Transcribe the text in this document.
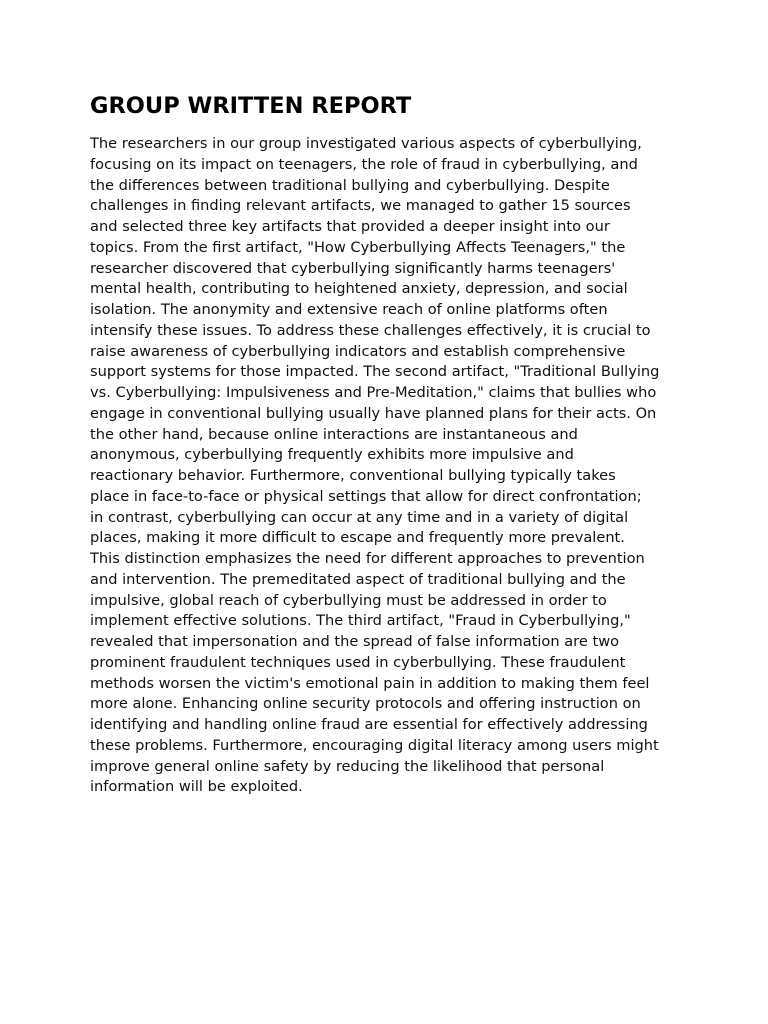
GROUP WRITTEN REPORT

The researchers in our group investigated various aspects of cyberbullying,
focusing on its impact on teenagers, the role of fraud in cyberbullying, and
the differences between traditional bullying and cyberbullying. Despite
challenges in finding relevant artifacts, we managed to gather 15 sources
and selected three key artifacts that provided a deeper insight into our
topics. From the first artifact, "How Cyberbullying Affects Teenagers," the
researcher discovered that cyberbullying significantly harms teenagers'
mental health, contributing to heightened anxiety, depression, and social
isolation. The anonymity and extensive reach of online platforms often
intensify these issues. To address these challenges effectively, it is crucial to
raise awareness of cyberbullying indicators and establish comprehensive
support systems for those impacted. The second artifact, "Traditional Bullying
vs. Cyberbullying: Impulsiveness and Pre-Meditation," claims that bullies who
engage in conventional bullying usually have planned plans for their acts. On
the other hand, because online interactions are instantaneous and
anonymous, cyberbullying frequently exhibits more impulsive and
reactionary behavior. Furthermore, conventional bullying typically takes
place in face-to-face or physical settings that allow for direct confrontation;
in contrast, cyberbullying can occur at any time and in a variety of digital
places, making it more difficult to escape and frequently more prevalent.
This distinction emphasizes the need for different approaches to prevention
and intervention. The premeditated aspect of traditional bullying and the
impulsive, global reach of cyberbullying must be addressed in order to
implement effective solutions. The third artifact, "Fraud in Cyberbullying,"
revealed that impersonation and the spread of false information are two
prominent fraudulent techniques used in cyberbullying. These fraudulent
methods worsen the victim's emotional pain in addition to making them feel
more alone. Enhancing online security protocols and offering instruction on
identifying and handling online fraud are essential for effectively addressing
these problems. Furthermore, encouraging digital literacy among users might
improve general online safety by reducing the likelihood that personal
information will be exploited.
